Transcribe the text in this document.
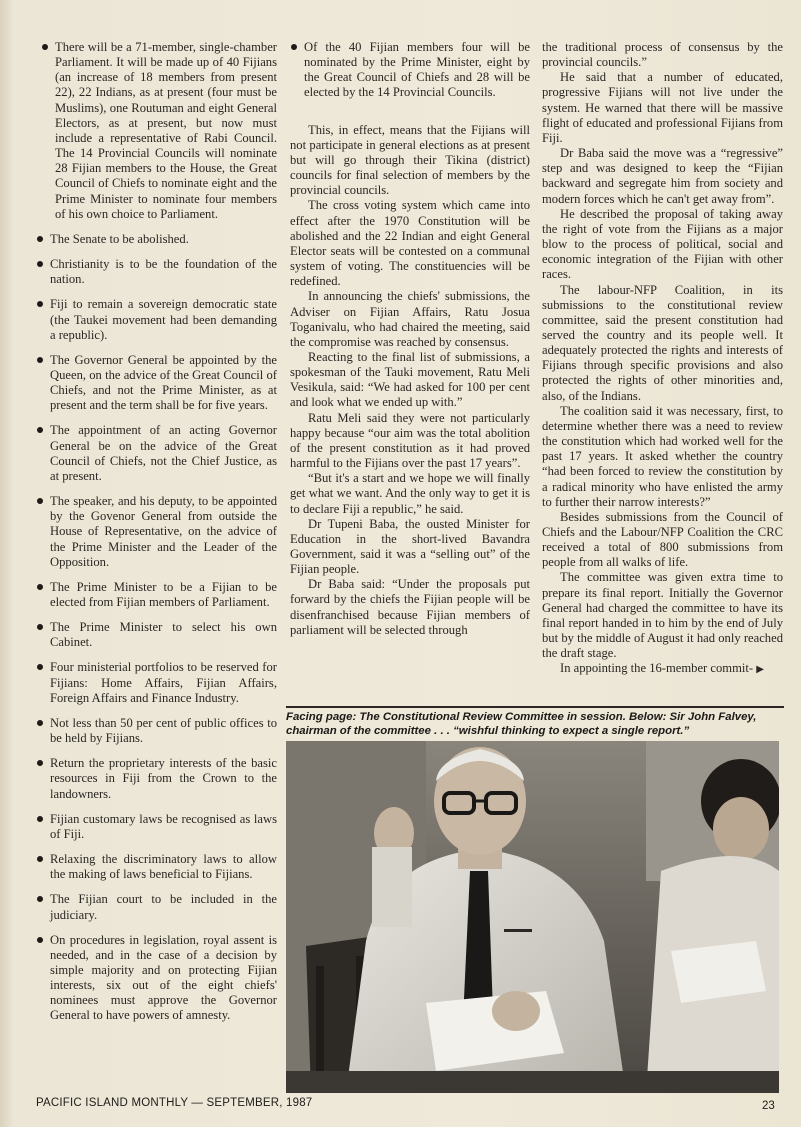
There will be a 71-member, single-chamber Parliament. It will be made up of 40 Fijians (an increase of 18 members from present 22), 22 Indians, as at present (four must be Muslims), one Routuman and eight General Electors, as at present, but now must include a representative of Rabi Council. The 14 Provincial Councils will nominate 28 Fijian members to the House, the Great Council of Chiefs to nominate eight and the Prime Minister to nominate four members of his own choice to Parliament.
The Senate to be abolished.
Christianity is to be the foundation of the nation.
Fiji to remain a sovereign democratic state (the Taukei movement had been demanding a republic).
The Governor General be appointed by the Queen, on the advice of the Great Council of Chiefs, and not the Prime Minister, as at present and the term shall be for five years.
The appointment of an acting Governor General be on the advice of the Great Council of Chiefs, not the Chief Justice, as at present.
The speaker, and his deputy, to be appointed by the Govenor General from outside the House of Representative, on the advice of the Prime Minister and the Leader of the Opposition.
The Prime Minister to be a Fijian to be elected from Fijian members of Parliament.
The Prime Minister to select his own Cabinet.
Four ministerial portfolios to be reserved for Fijians: Home Affairs, Fijian Affairs, Foreign Affairs and Finance Industry.
Not less than 50 per cent of public offices to be held by Fijians.
Return the proprietary interests of the basic resources in Fiji from the Crown to the landowners.
Fijian customary laws be recognised as laws of Fiji.
Relaxing the discriminatory laws to allow the making of laws beneficial to Fijians.
The Fijian court to be included in the judiciary.
On procedures in legislation, royal assent is needed, and in the case of a decision by simple majority and on protecting Fijian interests, six out of the eight chiefs' nominees must approve the Governor General to have powers of amnesty.
Of the 40 Fijian members four will be nominated by the Prime Minister, eight by the Great Council of Chiefs and 28 will be elected by the 14 Provincial Councils.

This, in effect, means that the Fijians will not participate in general elections as at present but will go through their Tikina (district) councils for final selection of members by the provincial councils.

The cross voting system which came into effect after the 1970 Constitution will be abolished and the 22 Indian and eight General Elector seats will be contested on a communal system of voting. The constituencies will be redefined.

In announcing the chiefs' submissions, the Adviser on Fijian Affairs, Ratu Josua Toganivalu, who had chaired the meeting, said the compromise was reached by consensus.

Reacting to the final list of submissions, a spokesman of the Tauki movement, Ratu Meli Vesikula, said: “We had asked for 100 per cent and look what we ended up with.”

Ratu Meli said they were not particularly happy because “our aim was the total abolition of the present constitution as it had proved harmful to the Fijians over the past 17 years”.

“But it's a start and we hope we will finally get what we want. And the only way to get it is to declare Fiji a republic,” he said.

Dr Tupeni Baba, the ousted Minister for Education in the short-lived Bavandra Government, said it was a “selling out” of the Fijian people.

Dr Baba said: “Under the proposals put forward by the chiefs the Fijian people will be disenfranchised because Fijian members of parliament will be selected through

the traditional process of consensus by the provincial councils.”

He said that a number of educated, progressive Fijians will not live under the system. He warned that there will be massive flight of educated and professional Fijians from Fiji.

Dr Baba said the move was a “regressive” step and was designed to keep the “Fijian backward and segregate him from society and modern forces which he can't get away from”.

He described the proposal of taking away the right of vote from the Fijians as a major blow to the process of political, social and economic integration of the Fijian with other races.

The labour-NFP Coalition, in its submissions to the constitutional review committee, said the present constitution had served the country and its people well. It adequately protected the rights and interests of Fijians through specific provisions and also protected the rights of other minorities and, also, of the Indians.

The coalition said it was necessary, first, to determine whether there was a need to review the constitution which had worked well for the past 17 years. It asked whether the country “had been forced to review the constitution by a radical minority who have enlisted the army to further their narrow interests?”

Besides submissions from the Council of Chiefs and the Labour/NFP Coalition the CRC received a total of 800 submissions from people from all walks of life.

The committee was given extra time to prepare its final report. Initially the Governor General had charged the committee to have its final report handed in to him by the end of July but by the middle of August it had only reached the draft stage.

In appointing the 16-member commit- ▶

Facing page: The Constitutional Review Committee in session. Below: Sir John Falvey, chairman of the committee . . . “wishful thinking to expect a single report.”
PACIFIC ISLAND MONTHLY — SEPTEMBER, 1987	23
